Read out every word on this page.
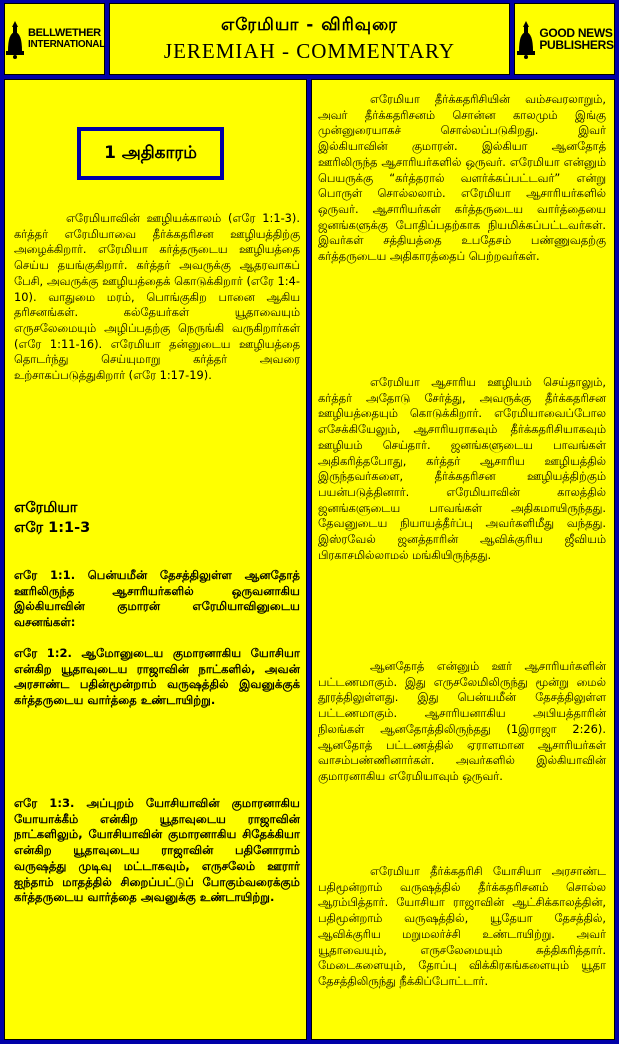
BELLWETHER
INTERNATIONAL
எரேமியா - விரிவுரை
JEREMIAH - COMMENTARY
GOOD NEWS
PUBLISHERS
1 அதிகாரம்

எரேமியாவின் ஊழியக்காலம் (எரே 1:1-3). கர்த்தர் எரேமியாவை தீர்க்கதரிசன ஊழியத்திற்கு அழைக்கிறார். எரேமியா கர்த்தருடைய ஊழியத்தை செய்ய தயங்குகிறார். கர்த்தர் அவருக்கு ஆதரவாகப் பேசி, அவருக்கு ஊழியத்தைக் கொடுக்கிறார் (எரே 1:4-10). வாதுமை மரம், பொங்குகிற பானை ஆகிய தரிசனங்கள். கல்தேயர்கள் யூதாவையும் எருசலேமையும் அழிப்பதற்கு நெருங்கி வருகிறார்கள் (எரே 1:11-16). எரேமியா தன்னுடைய ஊழியத்தை தொடர்ந்து செய்யுமாறு கர்த்தர் அவரை உற்சாகப்படுத்துகிறார் (எரே 1:17-19).

எரேமியா
எரே 1:1-3

எரே 1:1. பென்யமீன் தேசத்திலுள்ள ஆனதோத் ஊரிலிருந்த ஆசாரியர்களில் ஒருவனாகிய இல்கியாவின் குமாரன் எரேமியாவினுடைய வசனங்கள்:

எரே 1:2. ஆமோனுடைய குமாரனாகிய யோசியா என்கிற யூதாவுடைய ராஜாவின் நாட்களில், அவன் அரசாண்ட பதின்மூன்றாம் வருஷத்தில் இவனுக்குக் கர்த்தருடைய வார்த்தை உண்டாயிற்று.

எரே 1:3. அப்புறம் யோசியாவின் குமாரனாகிய யோயாக்கீம் என்கிற யூதாவுடைய ராஜாவின் நாட்களிலும், யோசியாவின் குமாரனாகிய சிதேக்கியா என்கிற யூதாவுடைய ராஜாவின் பதினோராம் வருஷத்து முடிவு மட்டாகவும், எருசலேம் ஊரார் ஐந்தாம் மாதத்தில் சிறைப்பட்டுப் போகும்வரைக்கும் கர்த்தருடைய வார்த்தை அவனுக்கு உண்டாயிற்று.

எரேமியா தீர்க்கதரிசியின் வம்சவரலாறும், அவர் தீர்க்கதரிசனம் சொன்ன காலமும் இங்கு முன்னுரையாகச் சொல்லப்படுகிறது. இவர் இல்கியாவின் குமாரன். இல்கியா ஆனதோத் ஊரிலிருந்த ஆசாரியர்களில் ஒருவர். எரேமியா என்னும் பெயருக்கு “கர்த்தரால் வளர்க்கப்பட்டவர்” என்று பொருள் சொல்லலாம். எரேமியா ஆசாரியர்களில் ஒருவர். ஆசாரியர்கள் கர்த்தருடைய வார்த்தையை ஜனங்களுக்கு போதிப்பதற்காக நியமிக்கப்பட்டவர்கள். இவர்கள் சத்தியத்தை உபதேசம் பண்ணுவதற்கு கர்த்தருடைய அதிகாரத்தைப் பெற்றவர்கள்.

எரேமியா ஆசாரிய ஊழியம் செய்தாலும், கர்த்தர் அதோடு சேர்த்து, அவருக்கு தீர்க்கதரிசன ஊழியத்தையும் கொடுக்கிறார். எரேமியாவைப்போல எசேக்கியேலும், ஆசாரியராகவும் தீர்க்கதரிசியாகவும் ஊழியம் செய்தார். ஜனங்களுடைய பாவங்கள் அதிகரித்தபோது, கர்த்தர் ஆசாரிய ஊழியத்தில் இருந்தவர்களை, தீர்க்கதரிசன ஊழியத்திற்கும் பயன்படுத்தினார். எரேமியாவின் காலத்தில் ஜனங்களுடைய பாவங்கள் அதிகமாயிருந்தது. தேவனுடைய நியாயத்தீர்ப்பு அவர்களிமீது வந்தது. இஸ்ரவேல் ஜனத்தாரின் ஆவிக்குரிய ஜீவியம் பிரகாசமில்லாமல் மங்கியிருந்தது.

ஆனதோத் என்னும் ஊர் ஆசாரியர்களின் பட்டணமாகும். இது எருசலேமிலிருந்து மூன்று மைல் தூரத்திலுள்ளது. இது பென்யமீன் தேசத்திலுள்ள பட்டணமாகும். ஆசாரியனாகிய அபியத்தாரின் நிலங்கள் ஆனதோத்திலிருந்தது (1இராஜா 2:26). ஆனதோத் பட்டணத்தில் ஏராளமான ஆசாரியர்கள் வாசம்பண்ணினார்கள். அவர்களில் இல்கியாவின் குமாரனாகிய எரேமியாவும் ஒருவர்.

எரேமியா தீர்க்கதரிசி யோசியா அரசாண்ட பதிமூன்றாம் வருஷத்தில் தீர்க்கதரிசனம் சொல்ல ஆரம்பித்தார். யோசியா ராஜாவின் ஆட்சிக்காலத்தின், பதிமூன்றாம் வருஷத்தில், யூதேயா தேசத்தில், ஆவிக்குரிய மறுமலர்ச்சி உண்டாயிற்று. அவர் யூதாவையும், எருசலேமையும் சுத்திகரித்தார். மேடைகளையும், தோப்பு விக்கிரகங்களையும் யூதா தேசத்திலிருந்து நீக்கிப்போட்டார்.
